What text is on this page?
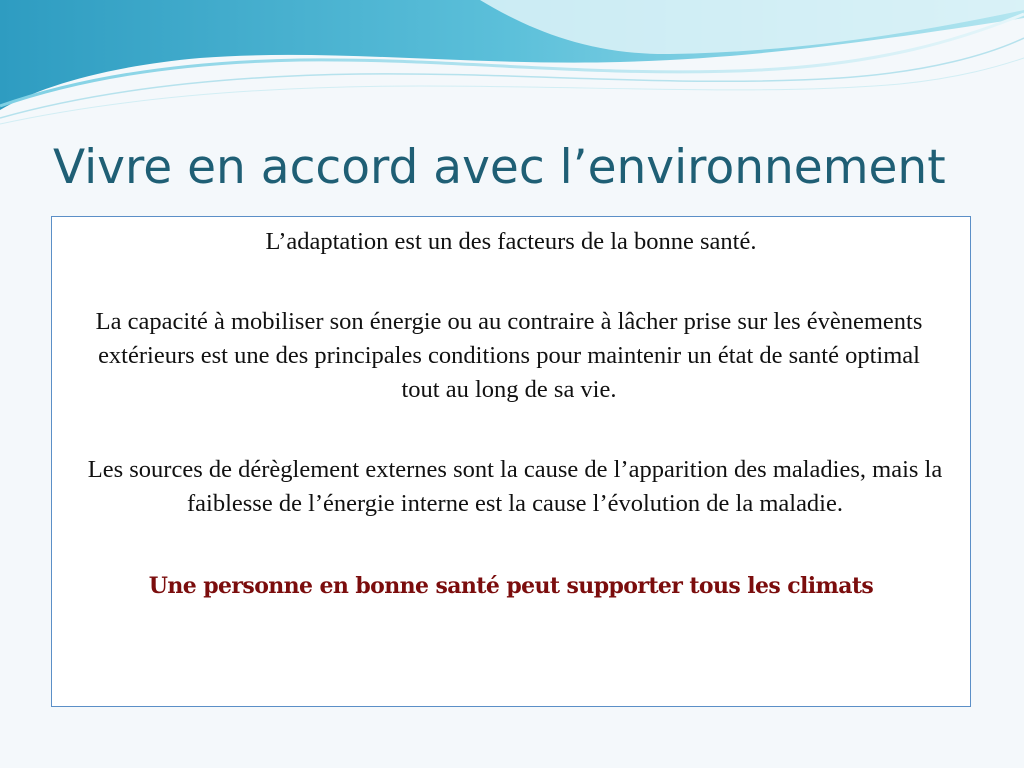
Vivre en accord avec l’environnement

L’adaptation est un des facteurs de la bonne santé.

La capacité à mobiliser son énergie ou au contraire à lâcher prise sur les évènements extérieurs est une des principales conditions pour maintenir un état de santé optimal tout au long de sa vie.

Les sources de dérèglement externes sont la cause de l’apparition des maladies, mais la faiblesse de l’énergie interne est la cause l’évolution de la maladie.

Une personne en bonne santé peut supporter tous les climats
